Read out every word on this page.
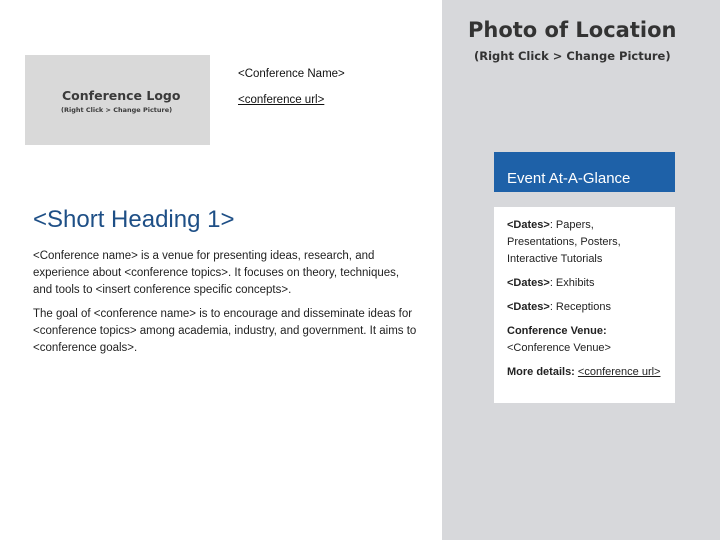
Photo of Location
(Right Click > Change Picture)
Conference Logo
(Right Click > Change Picture)
<Conference Name>
<conference url>
Event At-A-Glance

<Dates>: Papers, Presentations, Posters, Interactive Tutorials

<Dates>: Exhibits

<Dates>: Receptions

Conference Venue:
<Conference Venue>

More details: <conference url>

<Short Heading 1>

<Conference name> is a venue for presenting ideas, research, and experience about <conference topics>. It focuses on theory, techniques, and tools to <insert conference specific concepts>.

The goal of <conference name> is to encourage and disseminate ideas for <conference topics> among academia, industry, and government. It aims to <conference goals>.
